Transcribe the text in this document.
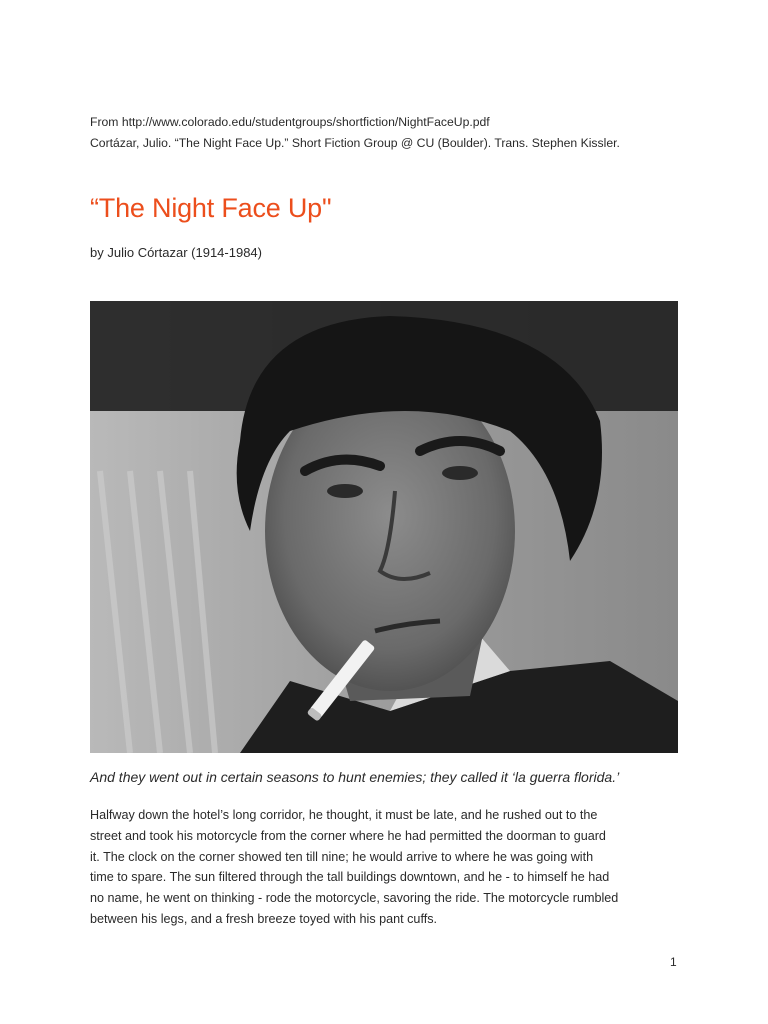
From http://www.colorado.edu/studentgroups/shortfiction/NightFaceUp.pdf
Cortázar, Julio. “The Night Face Up.” Short Fiction Group @ CU (Boulder). Trans. Stephen Kissler.
“The Night Face Up"
by Julio Córtazar (1914-1984)
And they went out in certain seasons to hunt enemies; they called it ‘la guerra florida.’
Halfway down the hotel’s long corridor, he thought, it must be late, and he rushed out to the
street and took his motorcycle from the corner where he had permitted the doorman to guard
it. The clock on the corner showed ten till nine; he would arrive to where he was going with
time to spare. The sun filtered through the tall buildings downtown, and he - to himself he had
no name, he went on thinking - rode the motorcycle, savoring the ride. The motorcycle rumbled
between his legs, and a fresh breeze toyed with his pant cuffs.
1
